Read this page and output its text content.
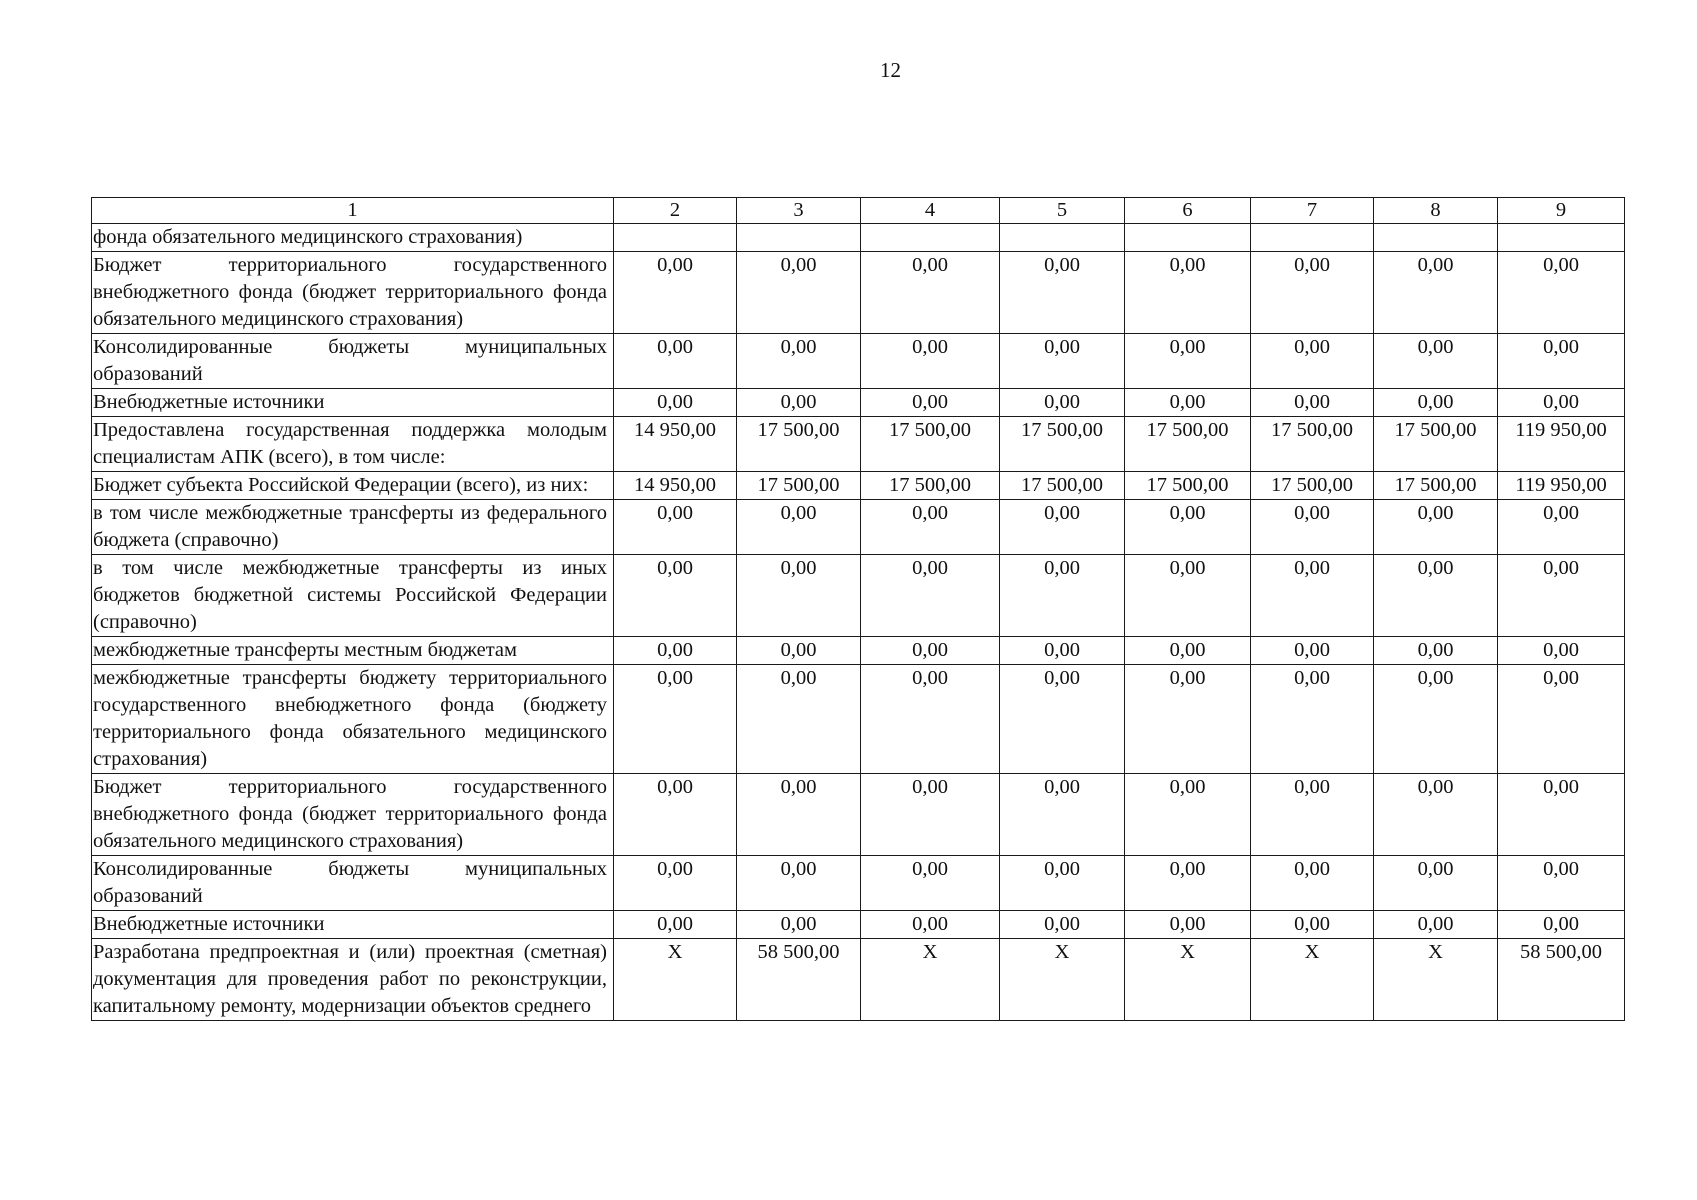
12
1	2	3	4	5	6	7	8	9
фонда обязательного медицинского страхования)								
Бюджет территориального государственного внебюджетного фонда (бюджет территориального фонда обязательного медицинского страхования)	0,00	0,00	0,00	0,00	0,00	0,00	0,00	0,00
Консолидированные бюджеты муниципальных образований	0,00	0,00	0,00	0,00	0,00	0,00	0,00	0,00
Внебюджетные источники	0,00	0,00	0,00	0,00	0,00	0,00	0,00	0,00
Предоставлена государственная поддержка молодым специалистам АПК (всего), в том числе:	14 950,00	17 500,00	17 500,00	17 500,00	17 500,00	17 500,00	17 500,00	119 950,00
Бюджет субъекта Российской Федерации (всего), из них:	14 950,00	17 500,00	17 500,00	17 500,00	17 500,00	17 500,00	17 500,00	119 950,00
в том числе межбюджетные трансферты из федерального бюджета (справочно)	0,00	0,00	0,00	0,00	0,00	0,00	0,00	0,00
в том числе межбюджетные трансферты из иных бюджетов бюджетной системы Российской Федерации (справочно)	0,00	0,00	0,00	0,00	0,00	0,00	0,00	0,00
межбюджетные трансферты местным бюджетам	0,00	0,00	0,00	0,00	0,00	0,00	0,00	0,00
межбюджетные трансферты бюджету территориального государственного внебюджетного фонда (бюджету территориального фонда обязательного медицинского страхования)	0,00	0,00	0,00	0,00	0,00	0,00	0,00	0,00
Бюджет территориального государственного внебюджетного фонда (бюджет территориального фонда обязательного медицинского страхования)	0,00	0,00	0,00	0,00	0,00	0,00	0,00	0,00
Консолидированные бюджеты муниципальных образований	0,00	0,00	0,00	0,00	0,00	0,00	0,00	0,00
Внебюджетные источники	0,00	0,00	0,00	0,00	0,00	0,00	0,00	0,00
Разработана предпроектная и (или) проектная (сметная) документация для проведения работ по реконструкции, капитальному ремонту, модернизации объектов среднего	X	58 500,00	X	X	X	X	X	58 500,00
